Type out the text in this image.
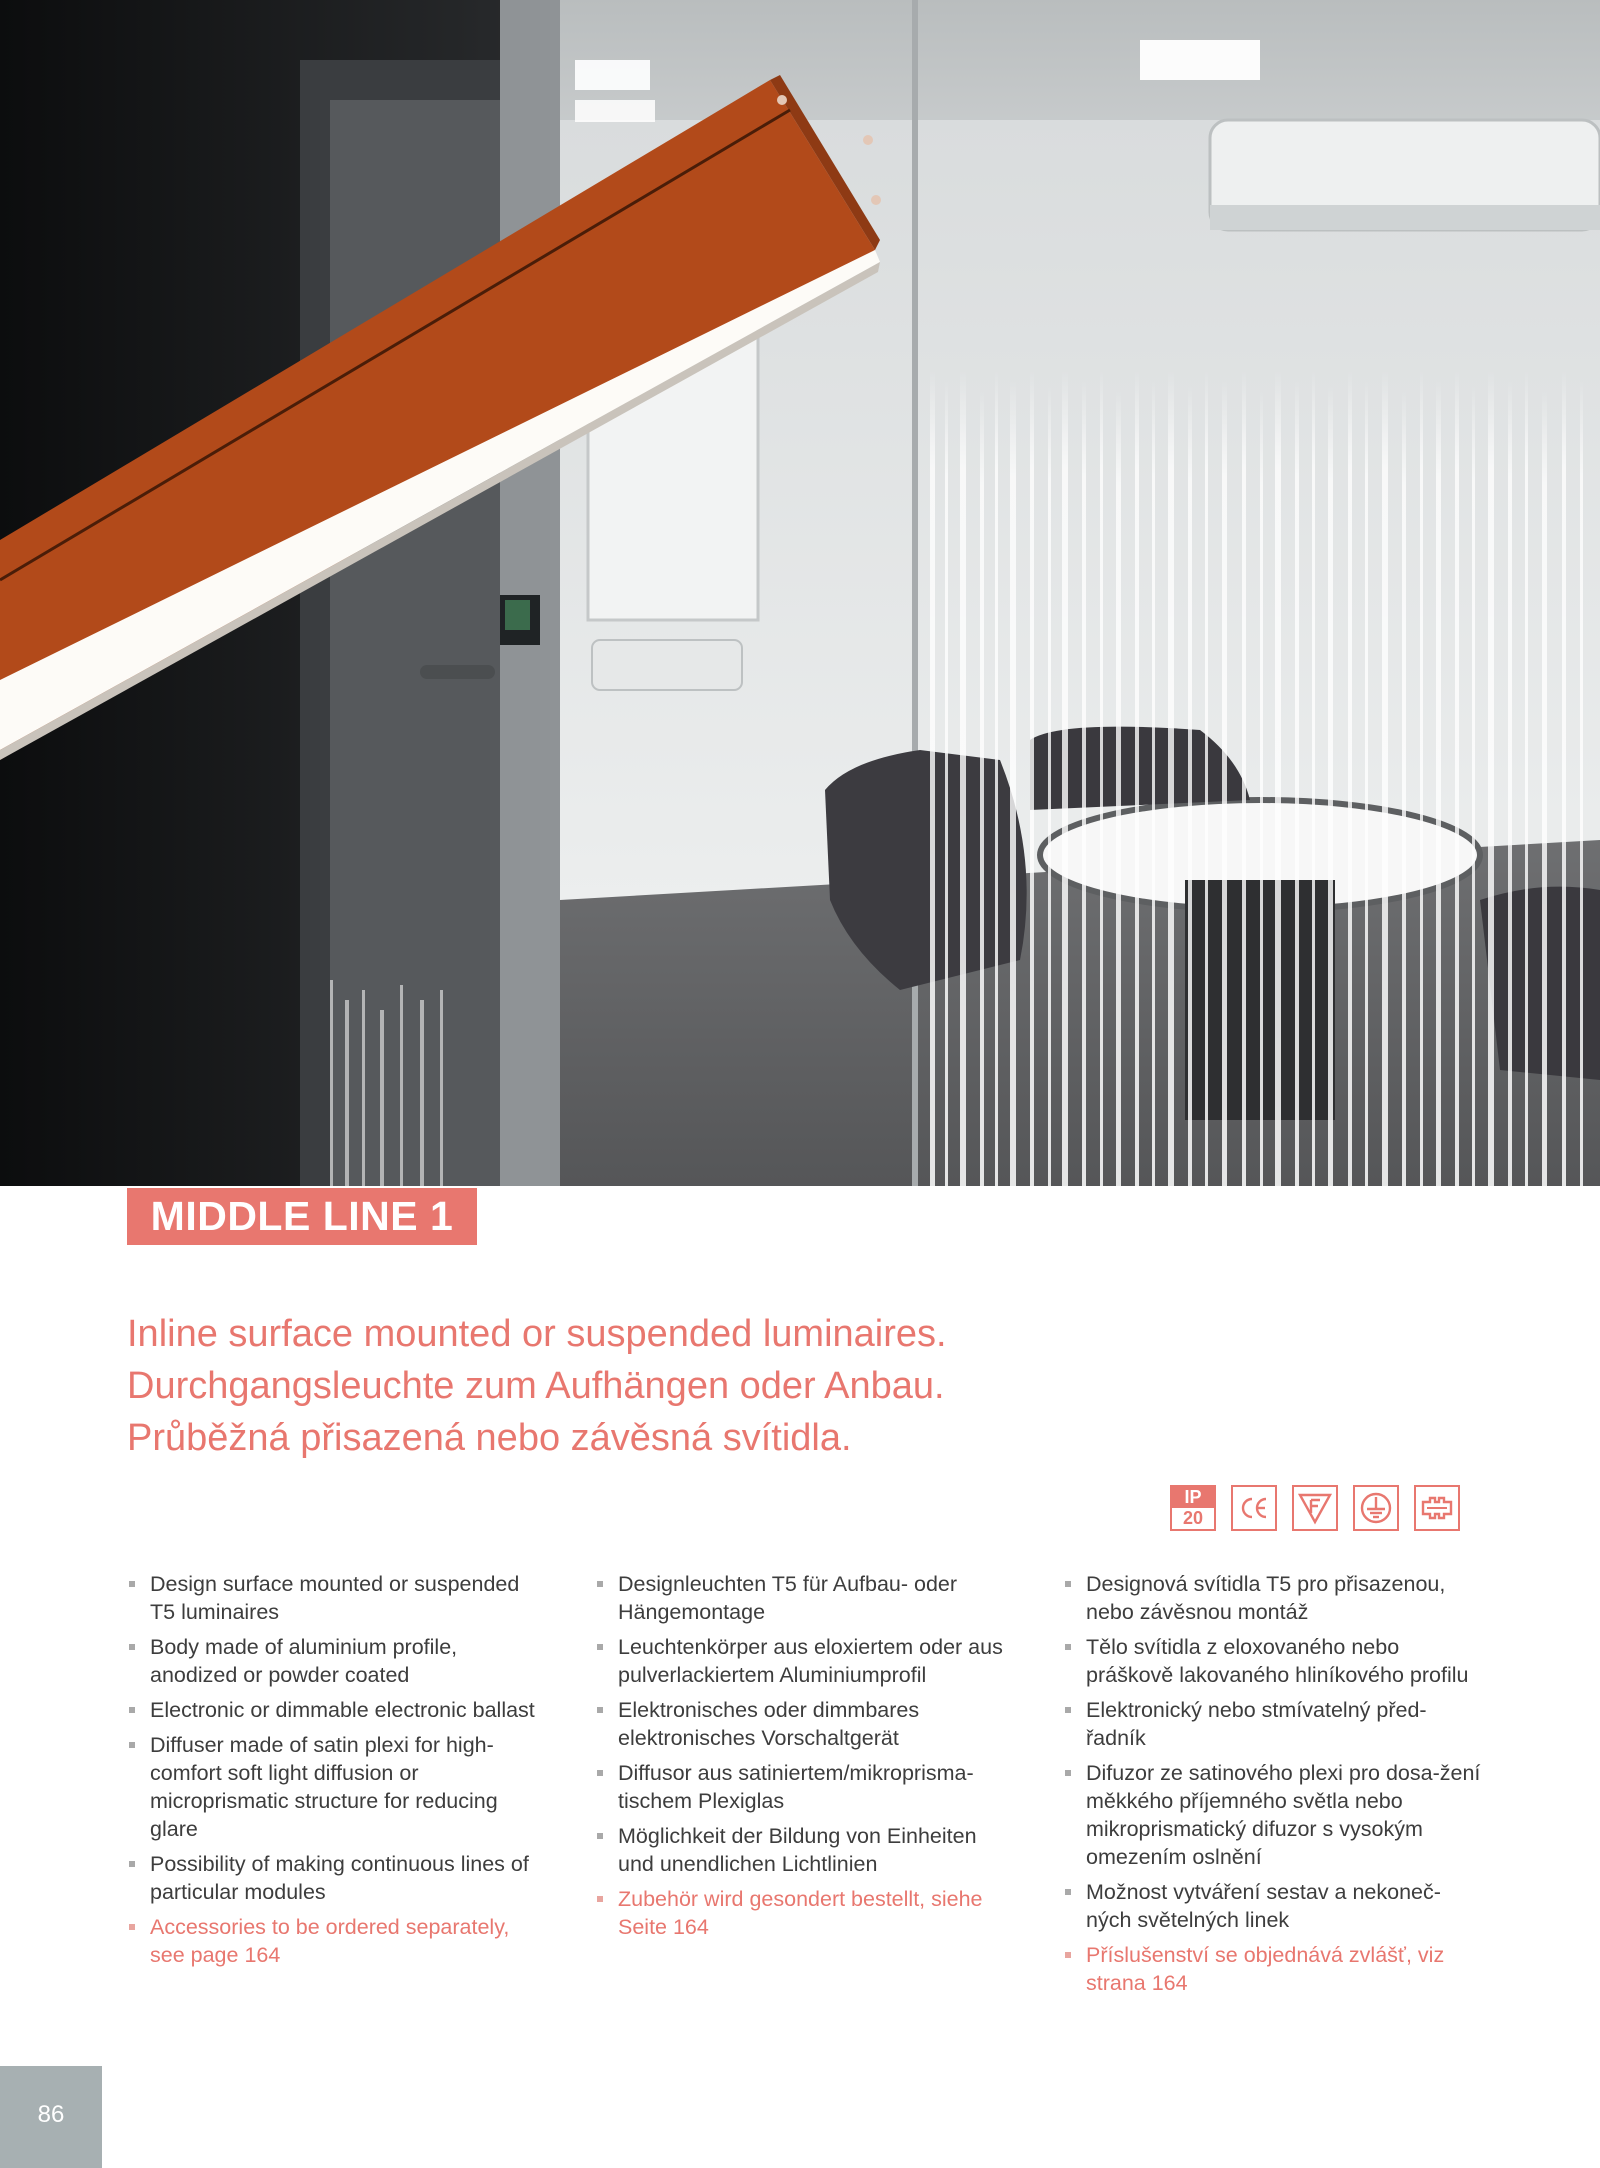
MIDDLE LINE 1
Inline surface mounted or suspended luminaires.
Durchgangsleuchte zum Aufhängen oder Anbau.
Průběžná přisazená nebo závěsná svítidla.
IP
20
Design surface mounted or suspended T5 luminaires
Body made of aluminium profile, anodized or powder coated
Electronic or dimmable electronic ballast
Diffuser made of satin plexi for high-comfort soft light diffusion or microprismatic structure for reducing glare
Possibility of making continuous lines of particular modules
Accessories to be ordered separately, see page 164
Designleuchten T5 für Aufbau- oder Hängemontage
Leuchtenkörper aus eloxiertem oder aus pulverlackiertem Aluminiumprofil
Elektronisches oder dimmbares elektronisches Vorschaltgerät
Diffusor aus satiniertem/mikroprisma-tischem Plexiglas
Möglichkeit der Bildung von Einheiten und unendlichen Lichtlinien
Zubehör wird gesondert bestellt, siehe Seite 164
Designová svítidla T5 pro přisazenou, nebo závěsnou montáž
Tělo svítidla z eloxovaného nebo práškově lakovaného hliníkového profilu
Elektronický nebo stmívatelný před-řadník
Difuzor ze satinového plexi pro dosa-žení měkkého příjemného světla nebo mikroprismatický difuzor s vysokým omezením oslnění
Možnost vytváření sestav a nekoneč-ných světelných linek
Příslušenství se objednává zvlášť, viz strana 164
86
